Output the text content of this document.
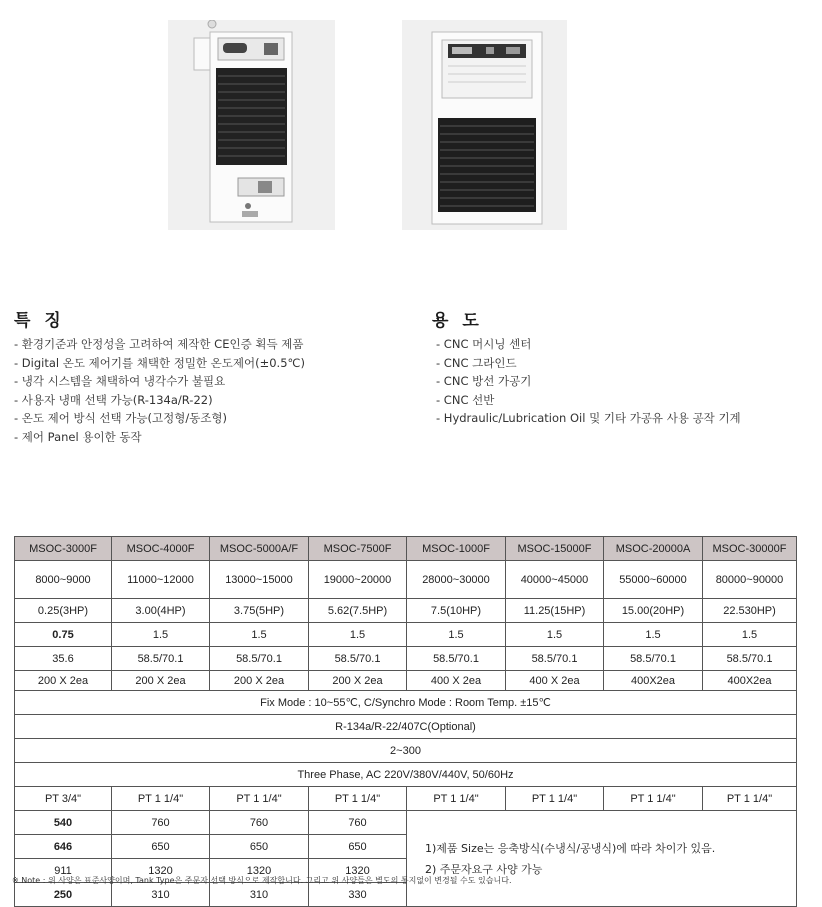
특 징
- 환경기준과 안정성을 고려하여 제작한 CE인증 획득 제품
- Digital 온도 제어기를 채택한 정밀한 온도제어(±0.5℃)
- 냉각 시스템을 채택하여 냉각수가 불필요
- 사용자 냉매 선택 가능(R-134a/R-22)
- 온도 제어 방식 선택 가능(고정형/동조형)
- 제어 Panel 용이한 동작
용 도
- CNC 머시닝 센터
- CNC 그라인드
- CNC 방선 가공기
- CNC 선반
- Hydraulic/Lubrication Oil 및 기타 가공유 사용 공작 기계
MSOC-3000F	MSOC-4000F	MSOC-5000A/F	MSOC-7500F	MSOC-1000F	MSOC-15000F	MSOC-20000A	MSOC-30000F
8000~9000	11000~12000	13000~15000	19000~20000	28000~30000	40000~45000	55000~60000	80000~90000
0.25(3HP)	3.00(4HP)	3.75(5HP)	5.62(7.5HP)	7.5(10HP)	11.25(15HP)	15.00(20HP)	22.530HP)
0.75	1.5	1.5	1.5	1.5	1.5	1.5	1.5
35.6	58.5/70.1	58.5/70.1	58.5/70.1	58.5/70.1	58.5/70.1	58.5/70.1	58.5/70.1
200 X 2ea	200 X 2ea	200 X 2ea	200 X 2ea	400 X 2ea	400 X 2ea	400X2ea	400X2ea
Fix Mode : 10~55℃, C/Synchro Mode : Room Temp. ±15℃							
R-134a/R-22/407C(Optional)							
2~300							
Three Phase, AC 220V/380V/440V, 50/60Hz							
PT 3/4"	PT 1 1/4"	PT 1 1/4"	PT 1 1/4"	PT 1 1/4"	PT 1 1/4"	PT 1 1/4"	PT 1 1/4"
540	760	760	760	1)제품 Size는 응축방식(수냉식/공냉식)에 따라 차이가 있음.
2) 주문자요구 사양 가능			

646	650	650	650				
911	1320	1320	1320				
250	310	310	330				
※ Note : 위 사양은 표준사양이며, Tank Type은 주문자 선택 방식으로 제작합니다. 그리고 위 사양들은 별도의 통지없이 변경될 수도 있습니다.
